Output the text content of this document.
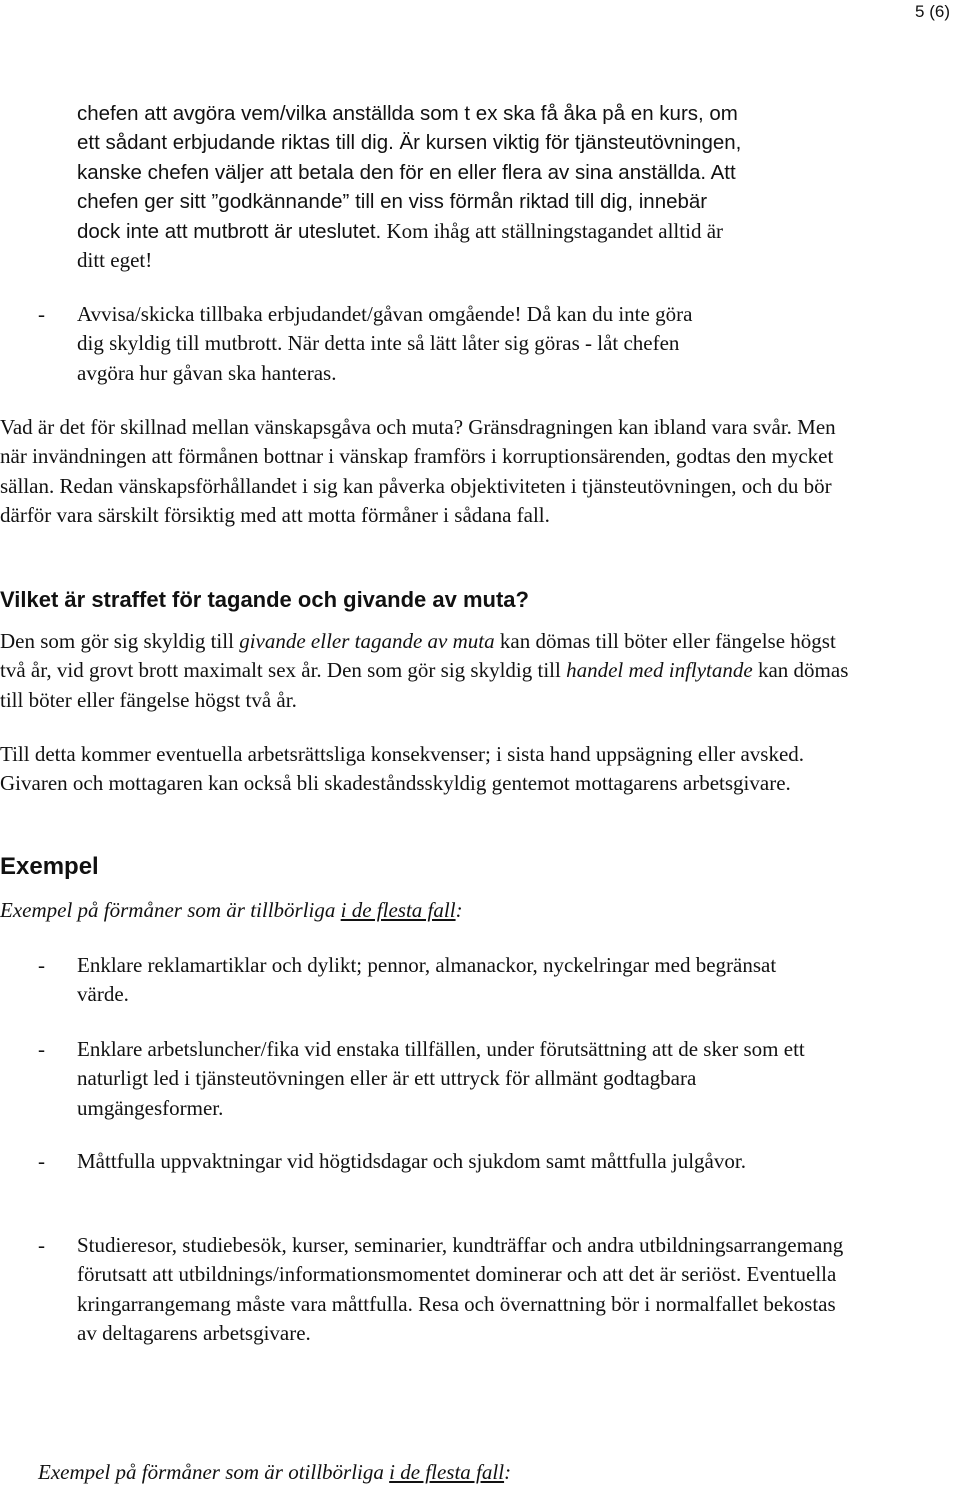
5 (6)
chefen att avgöra vem/vilka anställda som t ex ska få åka på en kurs, om
ett sådant erbjudande riktas till dig. Är kursen viktig för tjänsteutövningen,
kanske chefen väljer att betala den för en eller flera av sina anställda. Att
chefen ger sitt ”godkännande” till en viss förmån riktad till dig, innebär
dock inte att mutbrott är uteslutet. Kom ihåg att ställningstagandet alltid är
ditt eget!
-	Avvisa/skicka tillbaka erbjudandet/gåvan omgående! Då kan du inte göra
dig skyldig till mutbrott. När detta inte så lätt låter sig göras - låt chefen
avgöra hur gåvan ska hanteras.
Vad är det för skillnad mellan vänskapsgåva och muta? Gränsdragningen kan ibland vara svår. Men när invändningen att förmånen bottnar i vänskap framförs i korruptionsärenden, godtas den mycket sällan. Redan vänskapsförhållandet i sig kan påverka objektiviteten i tjänsteutövningen, och du bör därför vara särskilt försiktig med att motta förmåner i sådana fall.
Vilket är straffet för tagande och givande av muta?
Den som gör sig skyldig till givande eller tagande av muta kan dömas till böter eller fängelse högst två år, vid grovt brott maximalt sex år. Den som gör sig skyldig till handel med inflytande kan dömas till böter eller fängelse högst två år.
Till detta kommer eventuella arbetsrättsliga konsekvenser; i sista hand uppsägning eller avsked. Givaren och mottagaren kan också bli skadeståndsskyldig gentemot mottagarens arbetsgivare.
Exempel
Exempel på förmåner som är tillbörliga i de flesta fall:
-	Enklare reklamartiklar och dylikt; pennor, almanackor, nyckelringar med begränsat värde.
-	Enklare arbetsluncher/fika vid enstaka tillfällen, under förutsättning att de sker som ett naturligt led i tjänsteutövningen eller är ett uttryck för allmänt godtagbara umgängesformer.
-	Måttfulla uppvaktningar vid högtidsdagar och sjukdom samt måttfulla julgåvor.
-	Studieresor, studiebesök, kurser, seminarier, kundträffar och andra utbildningsarrangemang förutsatt att utbildnings/informationsmomentet dominerar och att det är seriöst. Eventuella kringarrangemang måste vara måttfulla. Resa och övernattning bör i normalfallet bekostas av deltagarens arbetsgivare.
Exempel på förmåner som är otillbörliga i de flesta fall:
